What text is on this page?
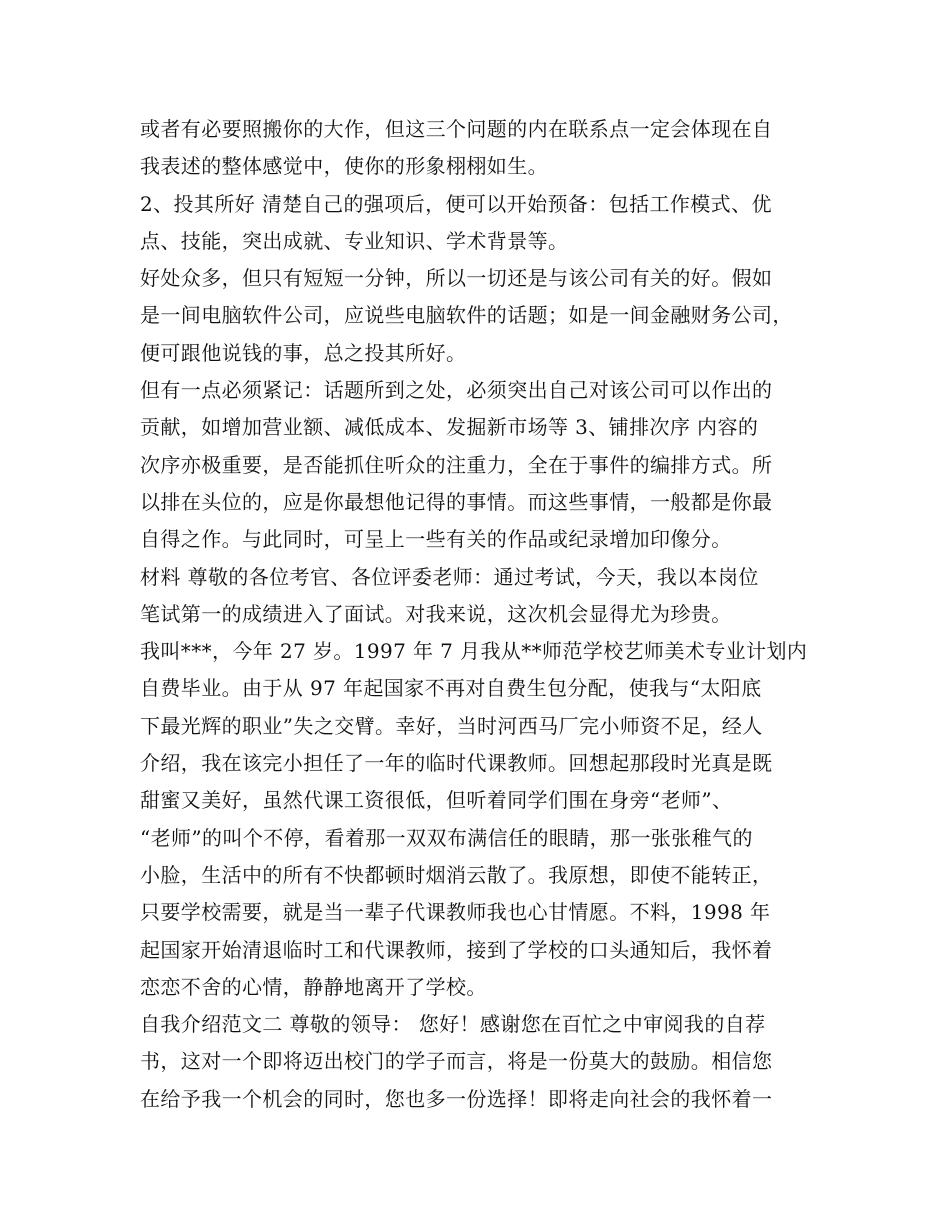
或者有必要照搬你的大作，但这三个问题的内在联系点一定会体现在自
我表述的整体感觉中，使你的形象栩栩如生。
2、投其所好 清楚自己的强项后，便可以开始预备：包括工作模式、优
点、技能，突出成就、专业知识、学术背景等。
好处众多，但只有短短一分钟，所以一切还是与该公司有关的好。假如
是一间电脑软件公司，应说些电脑软件的话题；如是一间金融财务公司，
便可跟他说钱的事，总之投其所好。
但有一点必须紧记：话题所到之处，必须突出自己对该公司可以作出的
贡献，如增加营业额、减低成本、发掘新市场等 3、铺排次序 内容的
次序亦极重要，是否能抓住听众的注重力，全在于事件的编排方式。所
以排在头位的，应是你最想他记得的事情。而这些事情，一般都是你最
自得之作。与此同时，可呈上一些有关的作品或纪录增加印像分。
材料 尊敬的各位考官、各位评委老师：通过考试，今天，我以本岗位
笔试第一的成绩进入了面试。对我来说，这次机会显得尤为珍贵。
我叫***，今年 27 岁。1997 年 7 月我从**师范学校艺师美术专业计划内
自费毕业。由于从 97 年起国家不再对自费生包分配，使我与“太阳底
下最光辉的职业”失之交臂。幸好，当时河西马厂完小师资不足，经人
介绍，我在该完小担任了一年的临时代课教师。回想起那段时光真是既
甜蜜又美好，虽然代课工资很低，但听着同学们围在身旁“老师”、
“老师”的叫个不停，看着那一双双布满信任的眼睛，那一张张稚气的
小脸，生活中的所有不快都顿时烟消云散了。我原想，即使不能转正，
只要学校需要，就是当一辈子代课教师我也心甘情愿。不料，1998 年
起国家开始清退临时工和代课教师，接到了学校的口头通知后，我怀着
恋恋不舍的心情，静静地离开了学校。
自我介绍范文二 尊敬的领导： 您好！感谢您在百忙之中审阅我的自荐
书，这对一个即将迈出校门的学子而言，将是一份莫大的鼓励。相信您
在给予我一个机会的同时，您也多一份选择！即将走向社会的我怀着一
